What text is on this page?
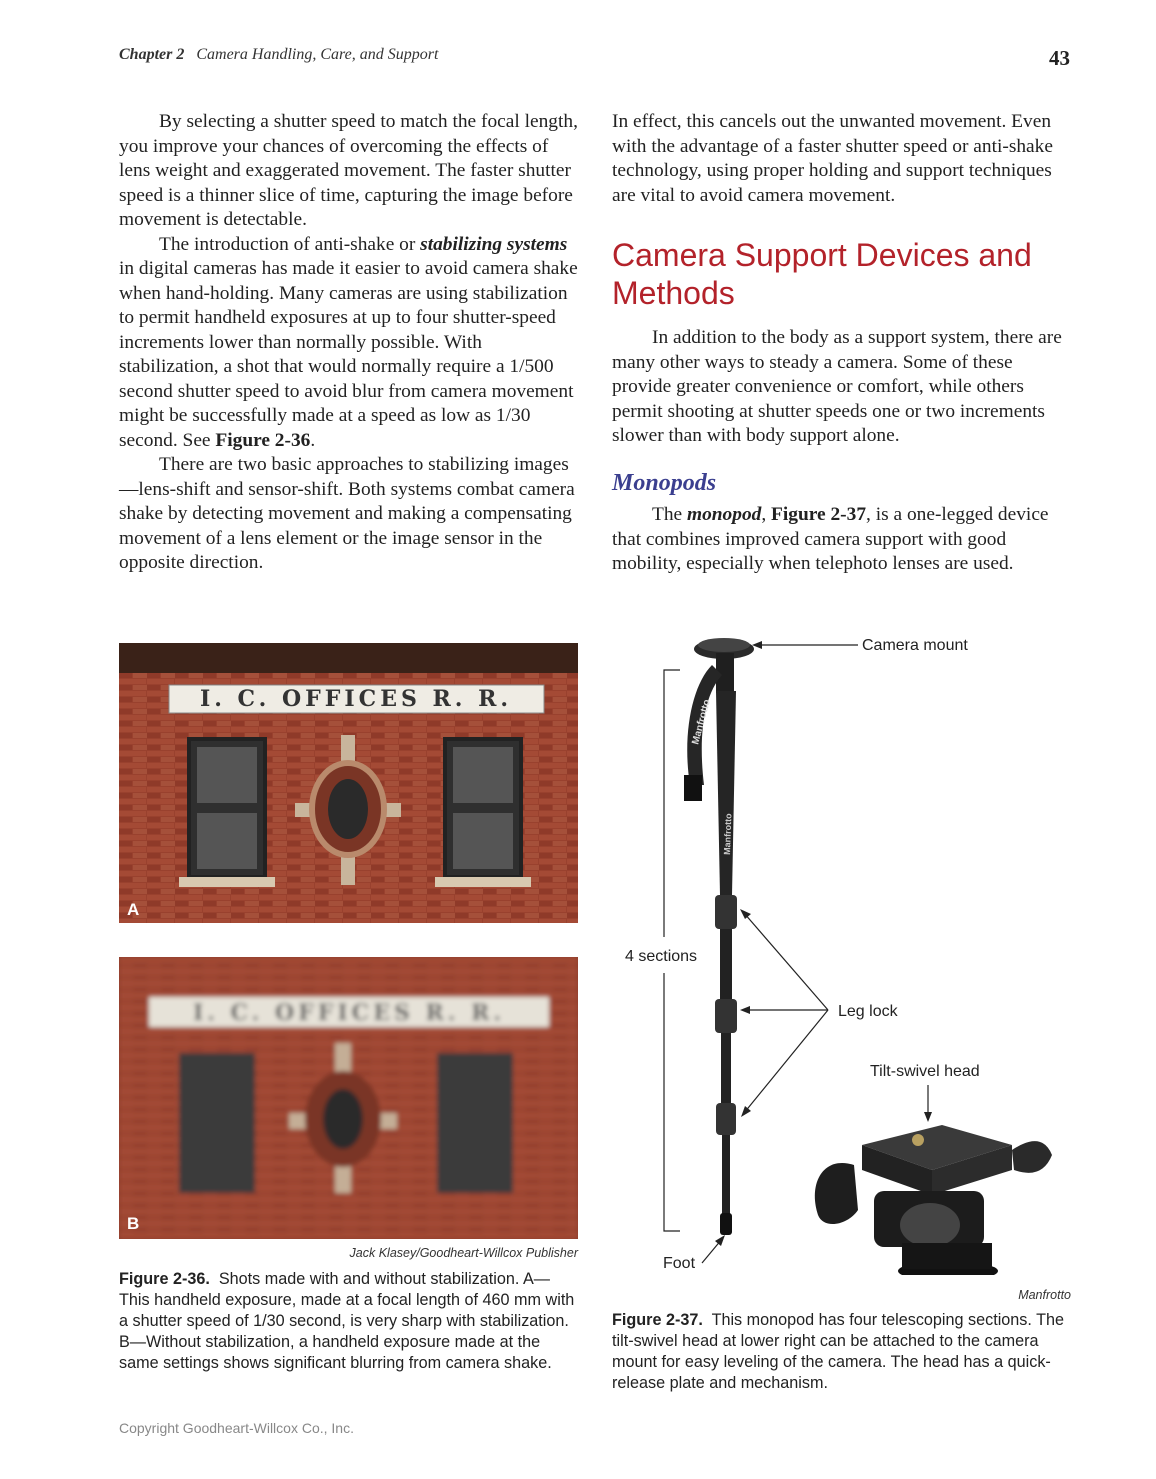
Chapter 2 Camera Handling, Care, and Support	43

By selecting a shutter speed to match the focal length, you improve your chances of overcoming the effects of lens weight and exaggerated movement. The faster shutter speed is a thinner slice of time, capturing the image before movement is detectable.

The introduction of anti-shake or stabilizing systems in digital cameras has made it easier to avoid camera shake when hand-holding. Many cameras are using stabilization to permit handheld exposures at up to four shutter-speed increments lower than normally possible. With stabilization, a shot that would normally require a 1/500 second shutter speed to avoid blur from camera movement might be successfully made at a speed as low as 1/30 second. See Figure 2-36.

There are two basic approaches to stabilizing images—lens-shift and sensor-shift. Both systems combat camera shake by detecting movement and making a compensating movement of a lens element or the image sensor in the opposite direction.

In effect, this cancels out the unwanted movement. Even with the advantage of a faster shutter speed or anti-shake technology, using proper holding and support techniques are vital to avoid camera movement.

Camera Support Devices and Methods

In addition to the body as a support system, there are many other ways to steady a camera. Some of these provide greater convenience or comfort, while others permit shooting at shutter speeds one or two increments slower than with body support alone.

Monopods

The monopod, Figure 2-37, is a one-legged device that combines improved camera support with good mobility, especially when telephoto lenses are used.

I. C. OFFICES R. R.
A
I. C. OFFICES R. R.
B
Jack Klasey/Goodheart-Willcox Publisher
Figure 2-36. Shots made with and without stabilization. A—This handheld exposure, made at a focal length of 460 mm with a shutter speed of 1/30 second, is very sharp with stabilization. B—Without stabilization, a handheld exposure made at the same settings shows significant blurring from camera shake.
Manfrotto
Manfrotto
Camera mount
4 sections
Leg lock
Tilt-swivel head
Foot
Manfrotto
Figure 2-37. This monopod has four telescoping sections. The tilt-swivel head at lower right can be attached to the camera mount for easy leveling of the camera. The head has a quick-release plate and mechanism.
Copyright Goodheart-Willcox Co., Inc.
